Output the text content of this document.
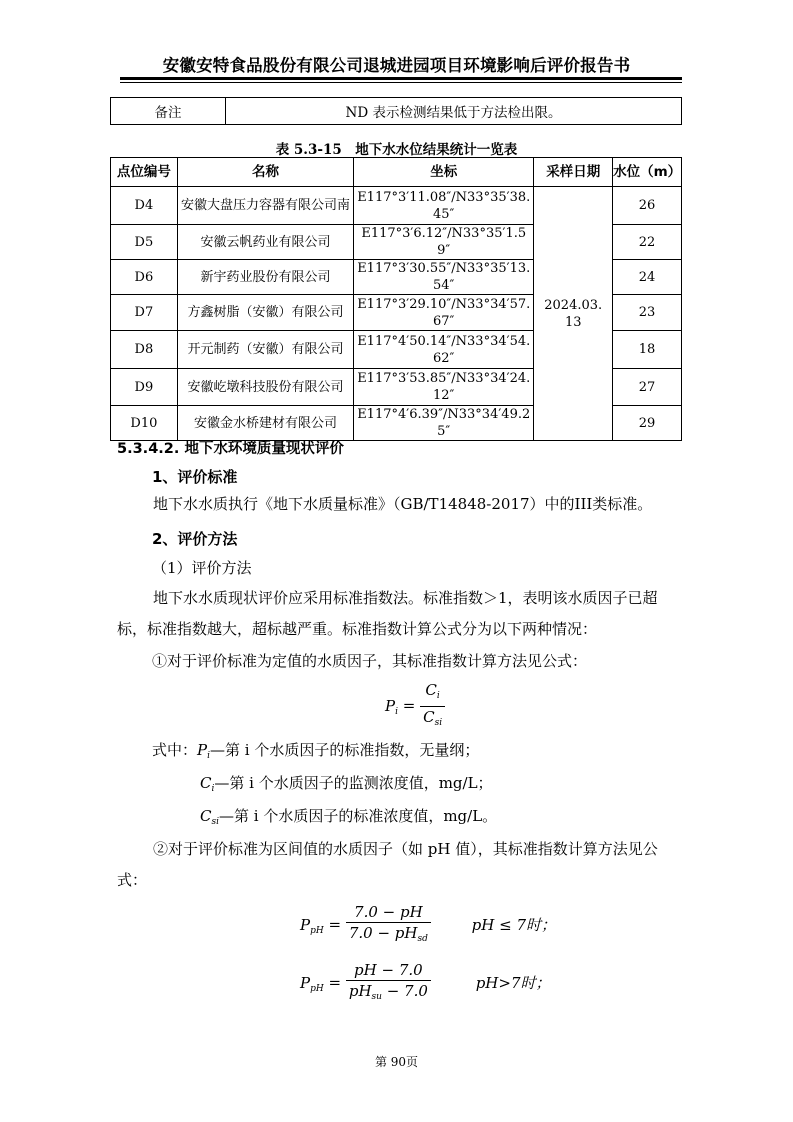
安徽安特食品股份有限公司退城进园项目环境影响后评价报告书
备注	ND 表示检测结果低于方法检出限。
表 5.3-15　地下水水位结果统计一览表
点位编号	名称	坐标	采样日期	水位（m）
D4	安徽大盘压力容器有限公司南	E117°3′11.08″/N33°35′38.45″	2024.03.13	26
D5	安徽云帆药业有限公司	E117°3′6.12″/N33°35′1.59″		22
D6	新宇药业股份有限公司	E117°3′30.55″/N33°35′13.54″		24
D7	方鑫树脂（安徽）有限公司	E117°3′29.10″/N33°34′57.67″		23
D8	开元制药（安徽）有限公司	E117°4′50.14″/N33°34′54.62″		18
D9	安徽屹墩科技股份有限公司	E117°3′53.85″/N33°34′24.12″		27
D10	安徽金水桥建材有限公司	E117°4′6.39″/N33°34′49.25″		29
5.3.4.2. 地下水环境质量现状评价
1、评价标准
地下水水质执行《地下水质量标准》（GB/T14848-2017）中的III类标准。
2、评价方法
（1）评价方法
地下水水质现状评价应采用标准指数法。标准指数＞1，表明该水质因子已超标，标准指数越大，超标越严重。标准指数计算公式分为以下两种情况：
①对于评价标准为定值的水质因子，其标准指数计算方法见公式：
$P_i = \frac{C_i}{C_{si}}$
式中：$P_i—$第 i 个水质因子的标准指数，无量纲；
$C_i—$第 i 个水质因子的监测浓度值，mg/L；
$C_{si}—$第 i 个水质因子的标准浓度值，mg/L。
②对于评价标准为区间值的水质因子（如 pH 值），其标准指数计算方法见公式：
$P_{pH} = \frac{7.0 - pH}{7.0 - pH_{sd}}$	pH ≤ 7时；
$P_{pH} = \frac{pH - 7.0}{pH_{su} - 7.0}$	pH>7时；
第 90页
